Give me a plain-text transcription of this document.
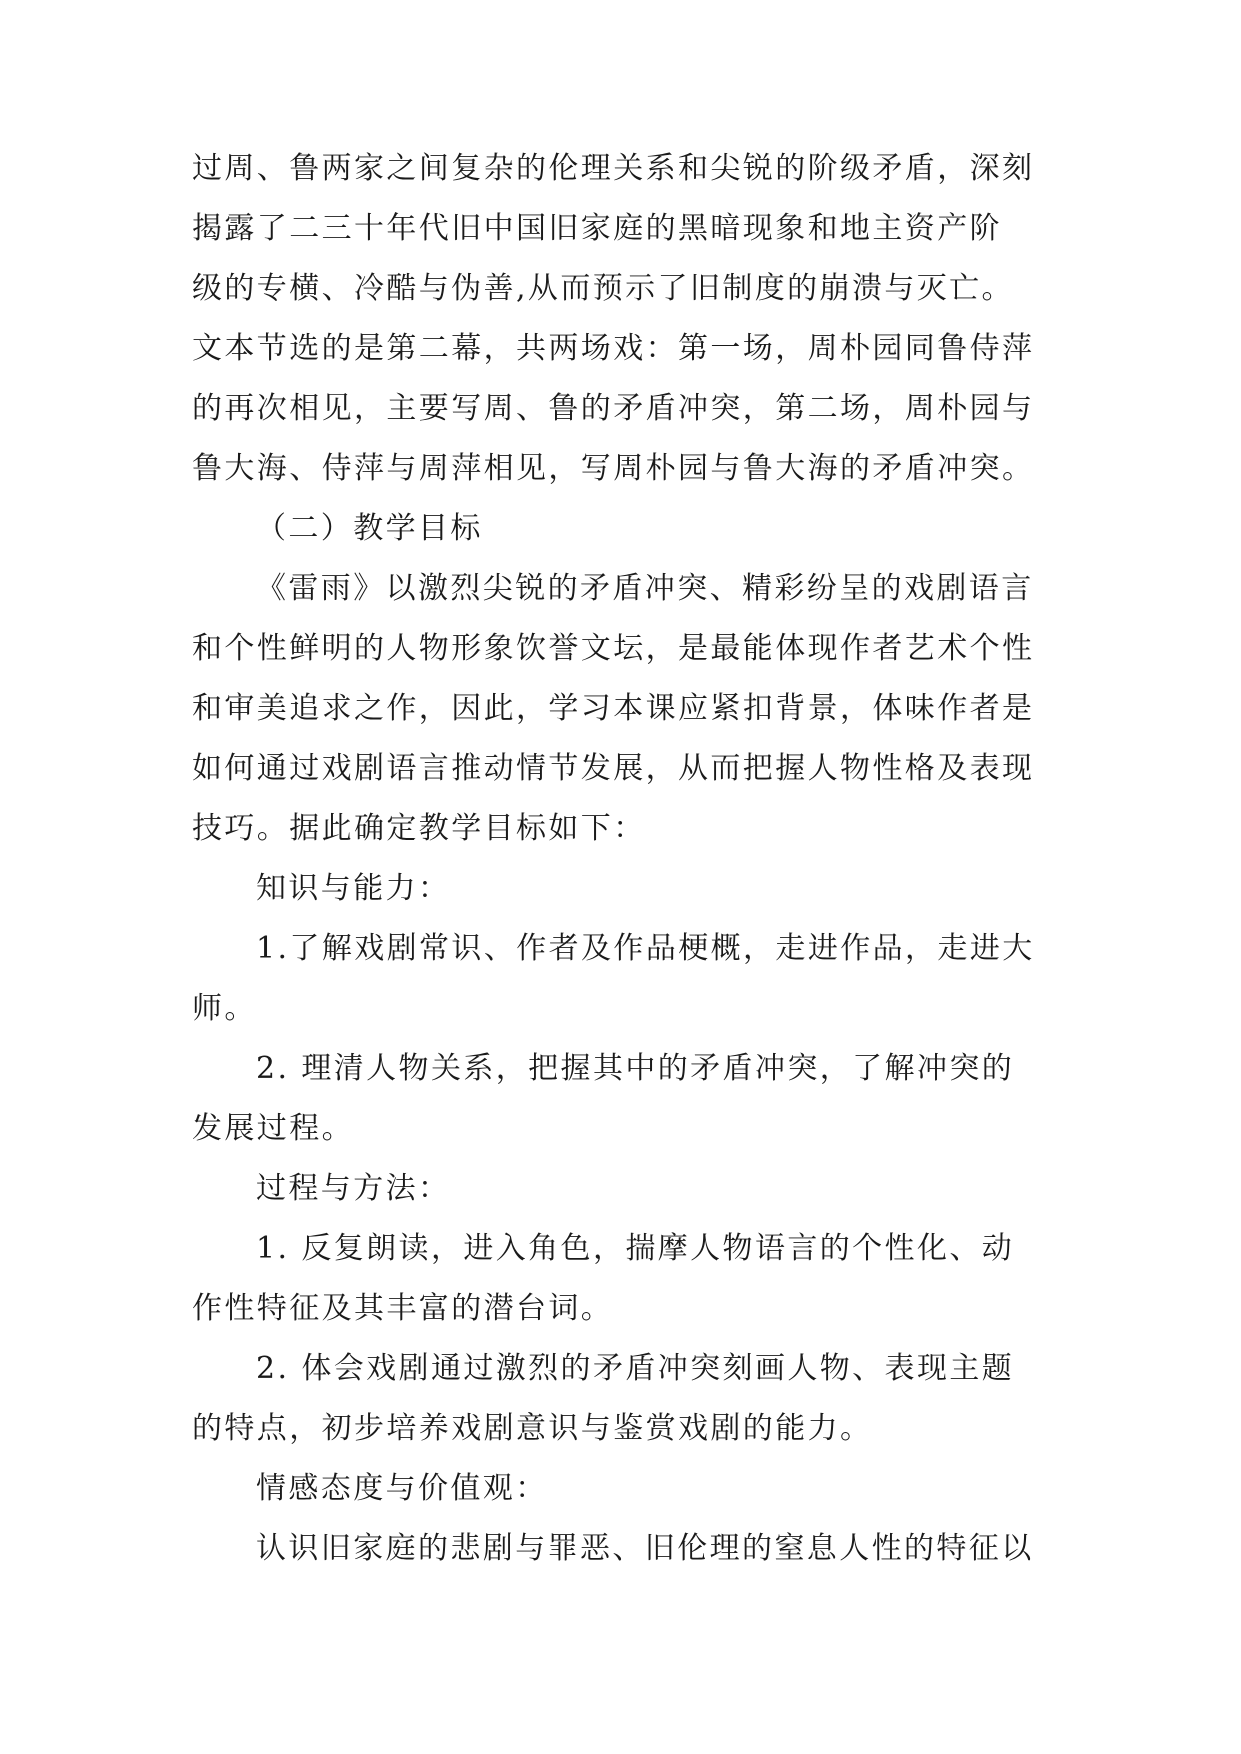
过周、鲁两家之间复杂的伦理关系和尖锐的阶级矛盾，深刻
揭露了二三十年代旧中国旧家庭的黑暗现象和地主资产阶
级的专横、冷酷与伪善,从而预示了旧制度的崩溃与灭亡。
文本节选的是第二幕，共两场戏：第一场，周朴园同鲁侍萍
的再次相见，主要写周、鲁的矛盾冲突，第二场，周朴园与
鲁大海、侍萍与周萍相见，写周朴园与鲁大海的矛盾冲突。
（二）教学目标
《雷雨》以激烈尖锐的矛盾冲突、精彩纷呈的戏剧语言
和个性鲜明的人物形象饮誉文坛，是最能体现作者艺术个性
和审美追求之作，因此，学习本课应紧扣背景，体味作者是
如何通过戏剧语言推动情节发展，从而把握人物性格及表现
技巧。据此确定教学目标如下：
知识与能力：
1.了解戏剧常识、作者及作品梗概，走进作品，走进大
师。
2. 理清人物关系，把握其中的矛盾冲突，了解冲突的
发展过程。
过程与方法：
1. 反复朗读，进入角色，揣摩人物语言的个性化、动
作性特征及其丰富的潜台词。
2. 体会戏剧通过激烈的矛盾冲突刻画人物、表现主题
的特点，初步培养戏剧意识与鉴赏戏剧的能力。
情感态度与价值观：
认识旧家庭的悲剧与罪恶、旧伦理的窒息人性的特征以
